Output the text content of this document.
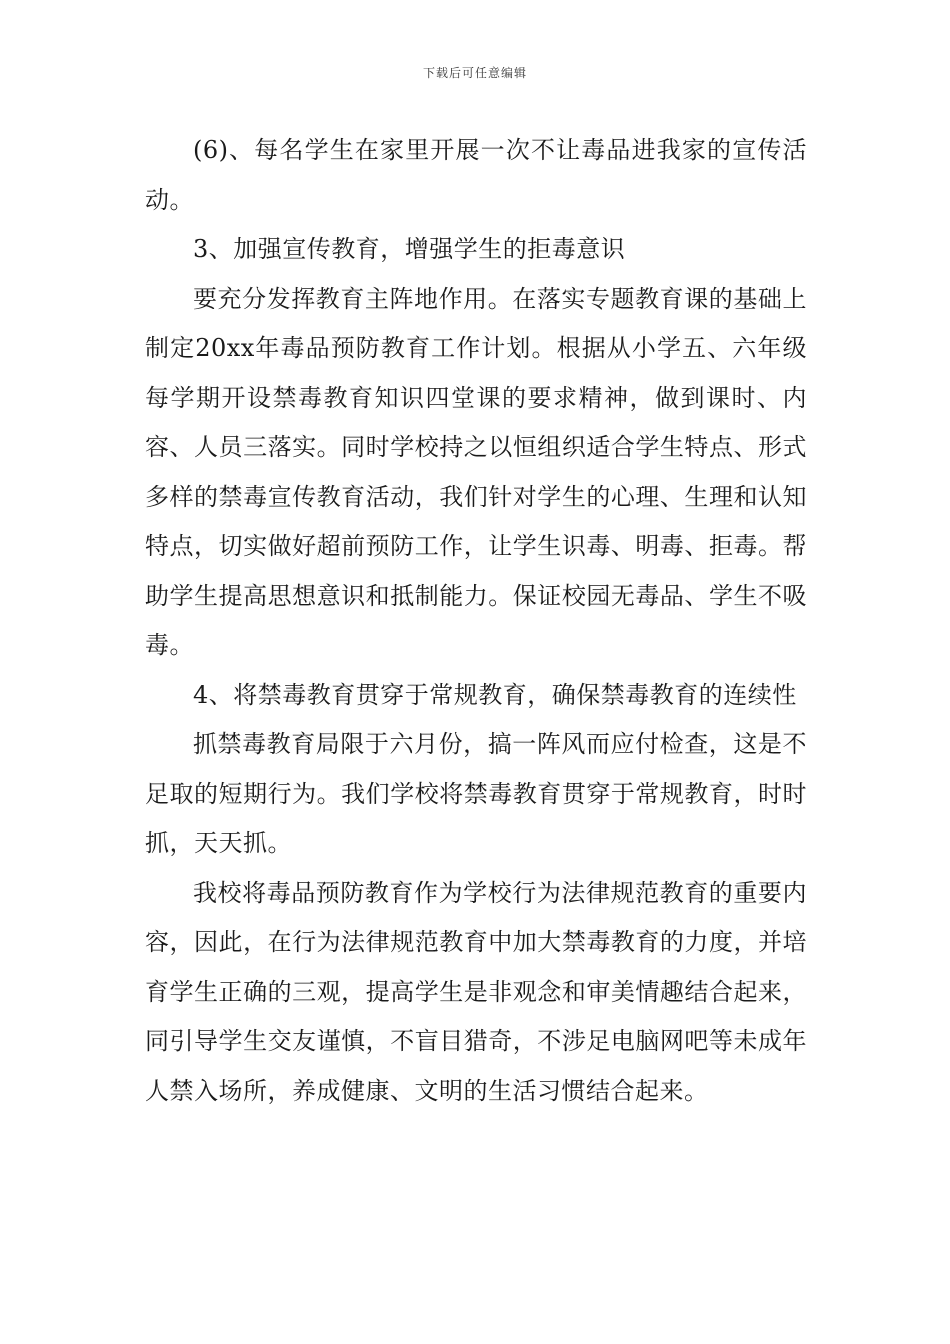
下载后可任意编辑

(6)、每名学生在家里开展一次不让毒品进我家的宣传活动。

3、加强宣传教育，增强学生的拒毒意识

要充分发挥教育主阵地作用。在落实专题教育课的基础上制定20xx年毒品预防教育工作计划。根据从小学五、六年级每学期开设禁毒教育知识四堂课的要求精神，做到课时、内容、人员三落实。同时学校持之以恒组织适合学生特点、形式多样的禁毒宣传教育活动，我们针对学生的心理、生理和认知特点，切实做好超前预防工作，让学生识毒、明毒、拒毒。帮助学生提高思想意识和抵制能力。保证校园无毒品、学生不吸毒。

4、将禁毒教育贯穿于常规教育，确保禁毒教育的连续性

抓禁毒教育局限于六月份，搞一阵风而应付检查，这是不足取的短期行为。我们学校将禁毒教育贯穿于常规教育，时时抓，天天抓。

我校将毒品预防教育作为学校行为法律规范教育的重要内容，因此，在行为法律规范教育中加大禁毒教育的力度，并培育学生正确的三观，提高学生是非观念和审美情趣结合起来，同引导学生交友谨慎，不盲目猎奇，不涉足电脑网吧等未成年人禁入场所，养成健康、文明的生活习惯结合起来。
